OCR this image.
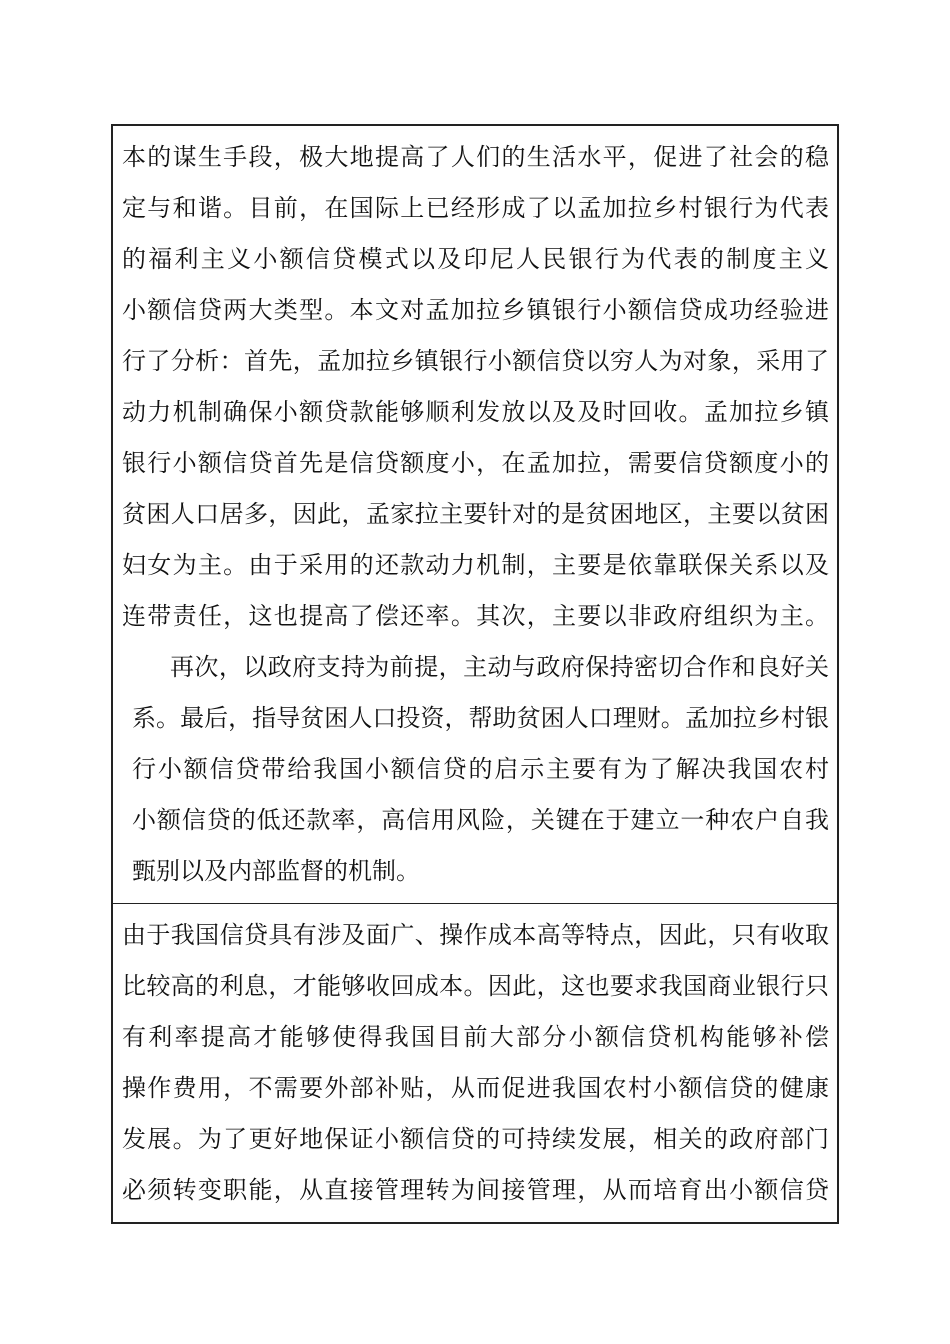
本的谋生手段，极大地提高了人们的生活水平，促进了社会的稳
定与和谐。目前，在国际上已经形成了以孟加拉乡村银行为代表
的福利主义小额信贷模式以及印尼人民银行为代表的制度主义
小额信贷两大类型。本文对孟加拉乡镇银行小额信贷成功经验进
行了分析：首先，孟加拉乡镇银行小额信贷以穷人为对象，采用了
动力机制确保小额贷款能够顺利发放以及及时回收。孟加拉乡镇
银行小额信贷首先是信贷额度小，在孟加拉，需要信贷额度小的
贫困人口居多，因此，孟家拉主要针对的是贫困地区，主要以贫困
妇女为主。由于采用的还款动力机制，主要是依靠联保关系以及
连带责任，这也提高了偿还率。其次，主要以非政府组织为主。
再次，以政府支持为前提，主动与政府保持密切合作和良好关
系。最后，指导贫困人口投资，帮助贫困人口理财。孟加拉乡村银
行小额信贷带给我国小额信贷的启示主要有为了解决我国农村
小额信贷的低还款率，高信用风险，关键在于建立一种农户自我
甄别以及内部监督的机制。
由于我国信贷具有涉及面广、操作成本高等特点，因此，只有收取
比较高的利息，才能够收回成本。因此，这也要求我国商业银行只
有利率提高才能够使得我国目前大部分小额信贷机构能够补偿
操作费用，不需要外部补贴，从而促进我国农村小额信贷的健康
发展。为了更好地保证小额信贷的可持续发展，相关的政府部门
必须转变职能，从直接管理转为间接管理，从而培育出小额信贷
